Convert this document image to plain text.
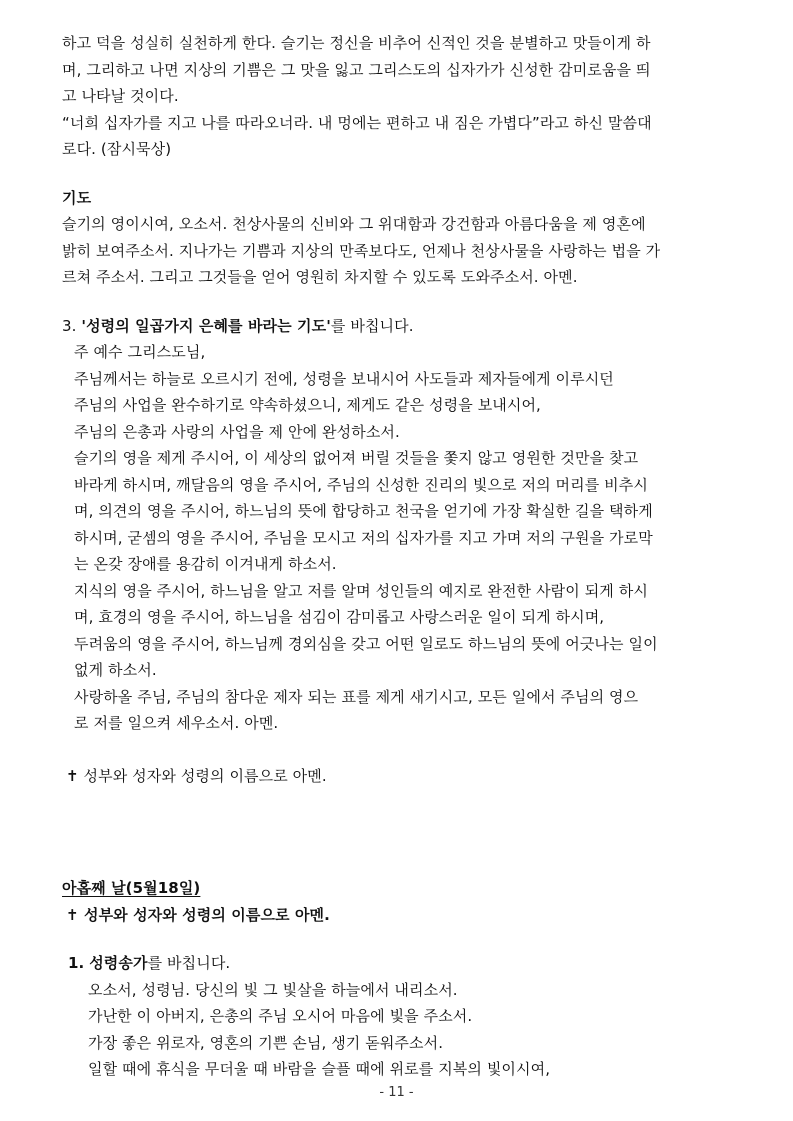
하고 덕을 성실히 실천하게 한다. 슬기는 정신을 비추어 신적인 것을 분별하고 맛들이게 하

며, 그리하고 나면 지상의 기쁨은 그 맛을 잃고 그리스도의 십자가가 신성한 감미로움을 띄

고 나타날 것이다.

“너희 십자가를 지고 나를 따라오너라. 내 멍에는 편하고 내 짐은 가볍다”라고 하신 말씀대

로다. (잠시묵상)

기도

슬기의 영이시여, 오소서. 천상사물의 신비와 그 위대함과 강건함과 아름다움을 제 영혼에

밝히 보여주소서. 지나가는 기쁨과 지상의 만족보다도, 언제나 천상사물을 사랑하는 법을 가

르쳐 주소서. 그리고 그것들을 얻어 영원히 차지할 수 있도록 도와주소서. 아멘.

3. '성령의 일곱가지 은혜를 바라는 기도'를 바칩니다.

주 예수 그리스도님,

주님께서는 하늘로 오르시기 전에, 성령을 보내시어 사도들과 제자들에게 이루시던

주님의 사업을 완수하기로 약속하셨으니, 제게도 같은 성령을 보내시어,

주님의 은총과 사랑의 사업을 제 안에 완성하소서.

슬기의 영을 제게 주시어, 이 세상의 없어져 버릴 것들을 쫓지 않고 영원한 것만을 찾고

바라게 하시며, 깨달음의 영을 주시어, 주님의 신성한 진리의 빛으로 저의 머리를 비추시

며, 의견의 영을 주시어, 하느님의 뜻에 합당하고 천국을 얻기에 가장 확실한 길을 택하게

하시며, 굳셈의 영을 주시어, 주님을 모시고 저의 십자가를 지고 가며 저의 구원을 가로막

는 온갖 장애를 용감히 이겨내게 하소서.

지식의 영을 주시어, 하느님을 알고 저를 알며 성인들의 예지로 완전한 사람이 되게 하시

며, 효경의 영을 주시어, 하느님을 섬김이 감미롭고 사랑스러운 일이 되게 하시며,

두려움의 영을 주시어, 하느님께 경외심을 갖고 어떤 일로도 하느님의 뜻에 어긋나는 일이

없게 하소서.

사랑하올 주님, 주님의 참다운 제자 되는 표를 제게 새기시고, 모든 일에서 주님의 영으

로 저를 일으켜 세우소서. 아멘.

✝ 성부와 성자와 성령의 이름으로 아멘.

아홉째 날(5월18일)

✝ 성부와 성자와 성령의 이름으로 아멘.

1. 성령송가를 바칩니다.

오소서, 성령님. 당신의 빛 그 빛살을 하늘에서 내리소서.

가난한 이 아버지, 은총의 주님 오시어 마음에 빛을 주소서.

가장 좋은 위로자, 영혼의 기쁜 손님, 생기 돋워주소서.

일할 때에 휴식을 무더울 때 바람을 슬플 때에 위로를 지복의 빛이시여,

- 11 -
